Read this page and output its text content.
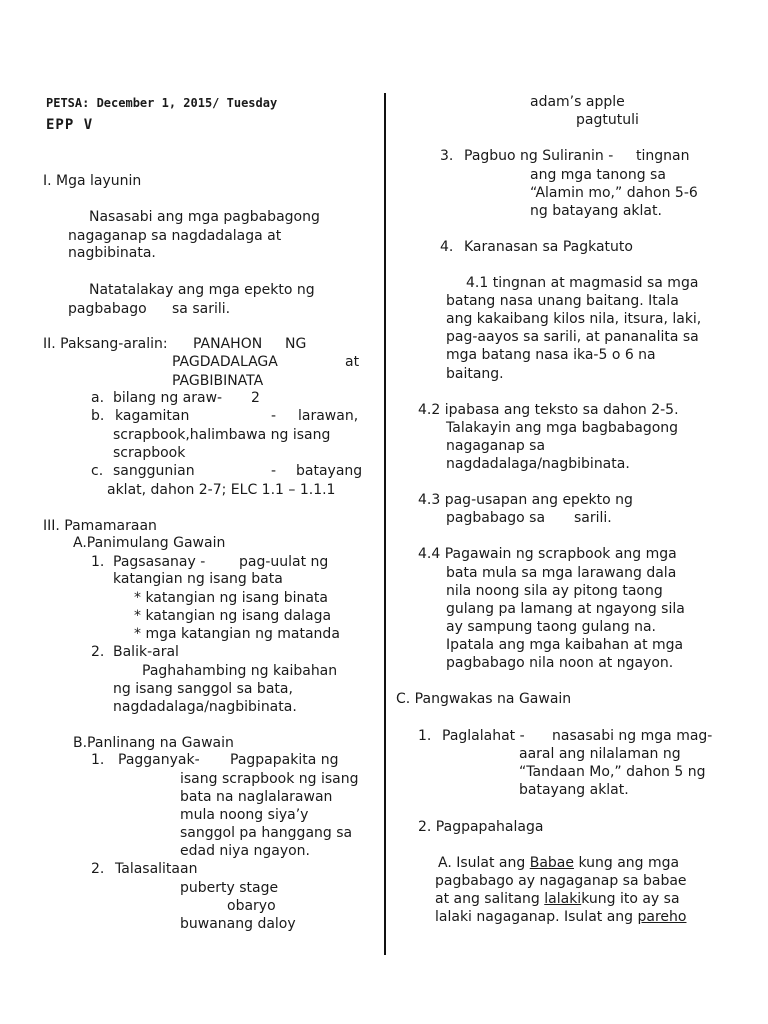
PETSA: December 1, 2015/ Tuesday
EPP V
I. Mga layunin
Nasasabi ang mga pagbabagong
nagaganap sa nagdadalaga at
nagbibinata.
Natatalakay ang mga epekto ng
pagbabago sa sarili.
II. Paksang-aralin: PANAHON NG
PAGDADALAGA	at
PAGBIBINATA
a. bilang ng araw- 2
b. kagamitan	- larawan,
scrapbook,halimbawa ng isang
scrapbook
c. sanggunian	- batayang
aklat, dahon 2-7; ELC 1.1 – 1.1.1
III. Pamamaraan
A.Panimulang Gawain
1. Pagsasanay - pag-uulat ng
katangian ng isang bata
* katangian ng isang binata
* katangian ng isang dalaga
* mga katangian ng matanda
2. Balik-aral
Paghahambing ng kaibahan
ng isang sanggol sa bata,
nagdadalaga/nagbibinata.
B.Panlinang na Gawain
1. Pagganyak- Pagpapakita ng
isang scrapbook ng isang
bata na naglalarawan
mula noong siya’y
sanggol pa hanggang sa
edad niya ngayon.
2. Talasalitaan
puberty stage
obaryo
buwanang daloy
adam’s apple
pagtutuli
3. Pagbuo ng Suliranin - tingnan
ang mga tanong sa
“Alamin mo,” dahon 5-6
ng batayang aklat.
4. Karanasan sa Pagkatuto
4.1 tingnan at magmasid sa mga
batang nasa unang baitang. Itala
ang kakaibang kilos nila, itsura, laki,
pag-aayos sa sarili, at pananalita sa
mga batang nasa ika-5 o 6 na
baitang.
4.2 ipabasa ang teksto sa dahon 2-5.
Talakayin ang mga bagbabagong
nagaganap sa
nagdadalaga/nagbibinata.
4.3 pag-usapan ang epekto ng
pagbabago sa sarili.
4.4 Pagawain ng scrapbook ang mga
bata mula sa mga larawang dala
nila noong sila ay pitong taong
gulang pa lamang at ngayong sila
ay sampung taong gulang na.
Ipatala ang mga kaibahan at mga
pagbabago nila noon at ngayon.
C. Pangwakas na Gawain
1. Paglalahat - nasasabi ng mga mag-
aaral ang nilalaman ng
“Tandaan Mo,” dahon 5 ng
batayang aklat.
2. Pagpapahalaga
A. Isulat ang Babae kung ang mga
pagbabago ay nagaganap sa babae
at ang salitang lalakikung ito ay sa
lalaki nagaganap. Isulat ang pareho
